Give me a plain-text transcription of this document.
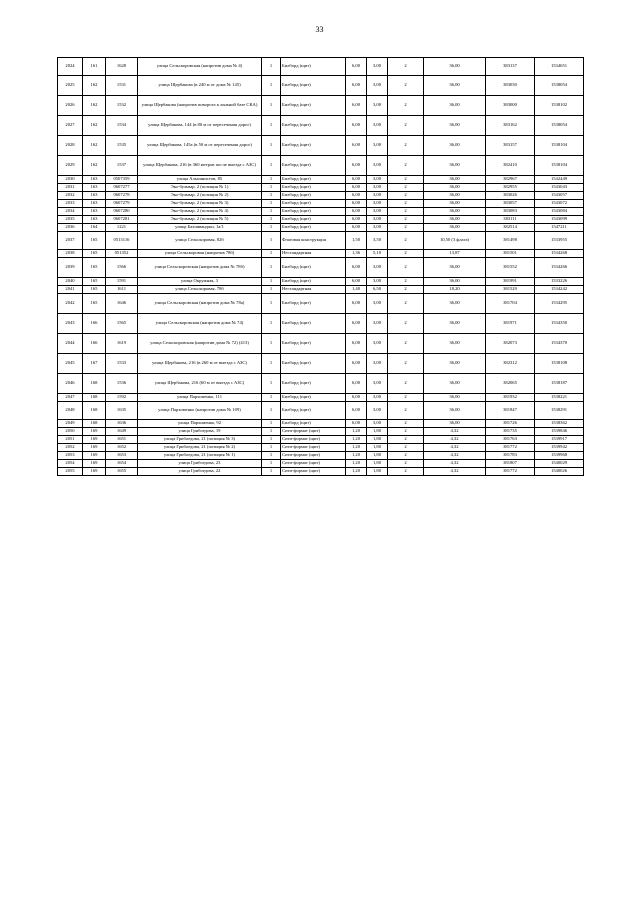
33
2024	161	1628	улица Сельскоровская (напротив дома № 4)	1	Билборд (щит)	6,00	3,00	2	36,00	383137	1534651
2025	162	1531	улица Щербакова (в 240 м от дома № 145)	1	Билборд (щит)	6,00	3,00	2	36,00	383030	1538054
2026	162	1532	улица Щербакова (напротив поворота к лыжной базе СКА)	1	Билборд (щит)	6,00	3,00	2	36,00	383000	1538102
2027	162	1534	улица Щербакова, 144 (в 80 м от пересечения дорог)	1	Билборд (щит)	6,00	3,00	2	36,00	383162	1538054
2028	162	1535	улица Щербакова, 145а (в 50 м от пересечения дорог)	1	Билборд (щит)	6,00	3,00	2	36,00	383157	1538104
2029	162	1537	улица Щербакова, 216 (в 360 метров после выезда с АЗС)	1	Билборд (щит)	6,00	3,00	2	36,00	382410	1538104
2030	163	0507359	улица Альпинистов, 85	1	Билборд (щит)	6,00	3,00	2	36,00	382967	1542449
2031	163	0607277	Эко-бульвар, 2 (позиция № 1)	1	Билборд (щит)	6,00	3,00	2	36,00	382955	1543043
2032	163	0607278	Эко-бульвар, 2 (позиция № 2)	1	Билборд (щит)	6,00	3,00	2	36,00	383026	1543057
2033	163	0607279	Эко-бульвар, 2 (позиция № 3)	1	Билборд (щит)	6,00	3,00	2	36,00	383057	1543072
2034	163	0607280	Эко-бульвар, 2 (позиция № 4)	1	Билборд (щит)	6,00	3,00	2	36,00	383083	1543084
2035	163	0607281	Эко-бульвар, 2 (позиция № 5)	1	Билборд (щит)	6,00	3,00	2	36,00	383111	1543099
2036	164	1221	улица Бахчиванджи, 1а/1	1	Билборд (щит)	6,00	3,00	2	36,00	382514	1547211
2037	165	0513116	улица Сельскоровая, 82б	1	Флаговая конструкция	1,50	3,50	2	10,50 (3 флага)	381498	1533955
2038	165	051352	улица Сельскоровая (напротив 78б)	1	Нестандартная	1,36	5,10	2	13,87	381501	1534268
2039	165	1566	улица Сельскоровская (напротив дома № 78б)	1	Билборд (щит)	6,00	3,00	2	36,00	381552	1534266
2040	165	1591	улица Окружная, 3	1	Билборд (щит)	6,00	3,00	2	36,00	381991	1533226
2041	165	1611	улица Сельскоровая, 78б	1	Нестандартная	1,40	6,50	2	18,20	381529	1534242
2042	165	1646	улица Сельскоровская (напротив дома № 78а)	1	Билборд (щит)	6,00	3,00	2	36,00	381704	1534295
2043	166	1565	улица Сельскоровская (напротив дома № 74)	1	Билборд (щит)	6,00	3,00	2	36,00	381971	1534350
2044	166	1619	улица Сельскоровская (напротив дома № 72) (413)	1	Билборд (щит)	6,00	3,00	2	36,00	382073	1534370
2045	167	1533	улица Щербакова, 216 (в 260 м от выезда с АЗС)	1	Билборд (щит)	6,00	3,00	2	36,00	382312	1538108
2046	168	1536	улица Щербакова, 216 (60 м от выезда с АЗС)	1	Билборд (щит)	6,00	3,00	2	36,00	382065	1538187
2047	168	1592	улица Пархоменко, 111	1	Билборд (щит)	6,00	3,00	2	36,00	381932	1538221
2048	168	1635	улица Пархоменко (напротив дома № 109)	1	Билборд (щит)	6,00	3,00	2	36,00	381847	1538291
2049	168	1636	улица Пархоменко, 92	1	Билборд (щит)	6,00	3,00	2	36,00	381726	1538362
2050	169	1649	улица Грибоедова, 19	1	Сити-формат (щит)	1,20	1,80	2	4,32	381735	1539846
2051	169	1651	улица Грибоедова, 21 (позиция № 3)	1	Сити-формат (щит)	1,20	1,80	2	4,32	381763	1539917
2052	169	1652	улица Грибоедова, 21 (позиция № 2)	1	Сити-формат (щит)	1,20	1,80	2	4,32	381772	1539942
2053	169	1653	улица Грибоедова, 21 (позиция № 1)	1	Сити-формат (щит)	1,20	1,80	2	4,32	381783	1539968
2054	169	1654	улица Грибоедова, 23	1	Сити-формат (щит)	1,20	1,80	2	4,32	381807	1540029
2055	169	1655	улица Грибоедова, 22	1	Сити-формат (щит)	1,20	1,80	2	4,32	381772	1540026
